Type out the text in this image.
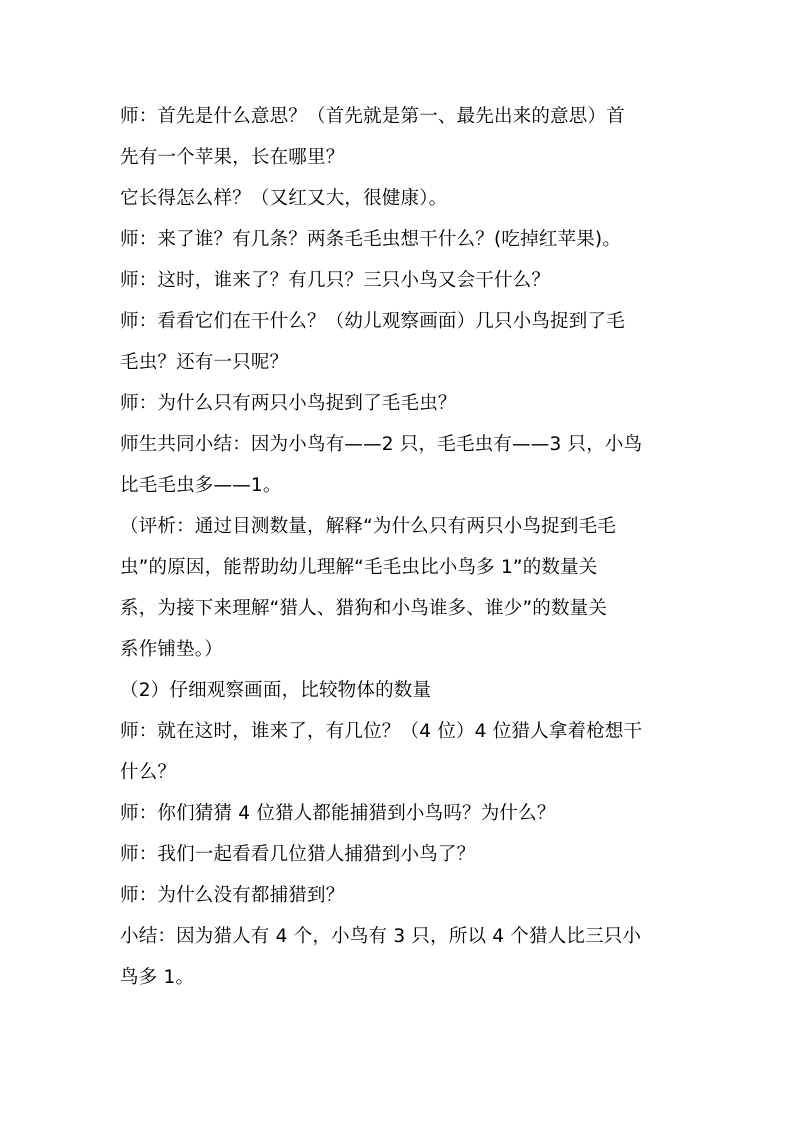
师：首先是什么意思？（首先就是第一、最先出来的意思）首
先有一个苹果，长在哪里？
它长得怎么样？（又红又大，很健康）。
师：来了谁？有几条？两条毛毛虫想干什么？(吃掉红苹果)。
师：这时，谁来了？有几只？三只小鸟又会干什么？
师：看看它们在干什么？（幼儿观察画面）几只小鸟捉到了毛
毛虫？还有一只呢？
师：为什么只有两只小鸟捉到了毛毛虫？
师生共同小结：因为小鸟有——2 只，毛毛虫有——3 只，小鸟
比毛毛虫多——1。
（评析：通过目测数量，解释“为什么只有两只小鸟捉到毛毛
虫”的原因，能帮助幼儿理解“毛毛虫比小鸟多 1”的数量关
系，为接下来理解“猎人、猎狗和小鸟谁多、谁少”的数量关
系作铺垫。）
（2）仔细观察画面，比较物体的数量
师：就在这时，谁来了，有几位？（4 位）4 位猎人拿着枪想干
什么？
师：你们猜猜 4 位猎人都能捕猎到小鸟吗？为什么？
师：我们一起看看几位猎人捕猎到小鸟了？
师：为什么没有都捕猎到？
小结：因为猎人有 4 个，小鸟有 3 只，所以 4 个猎人比三只小
鸟多 1。
